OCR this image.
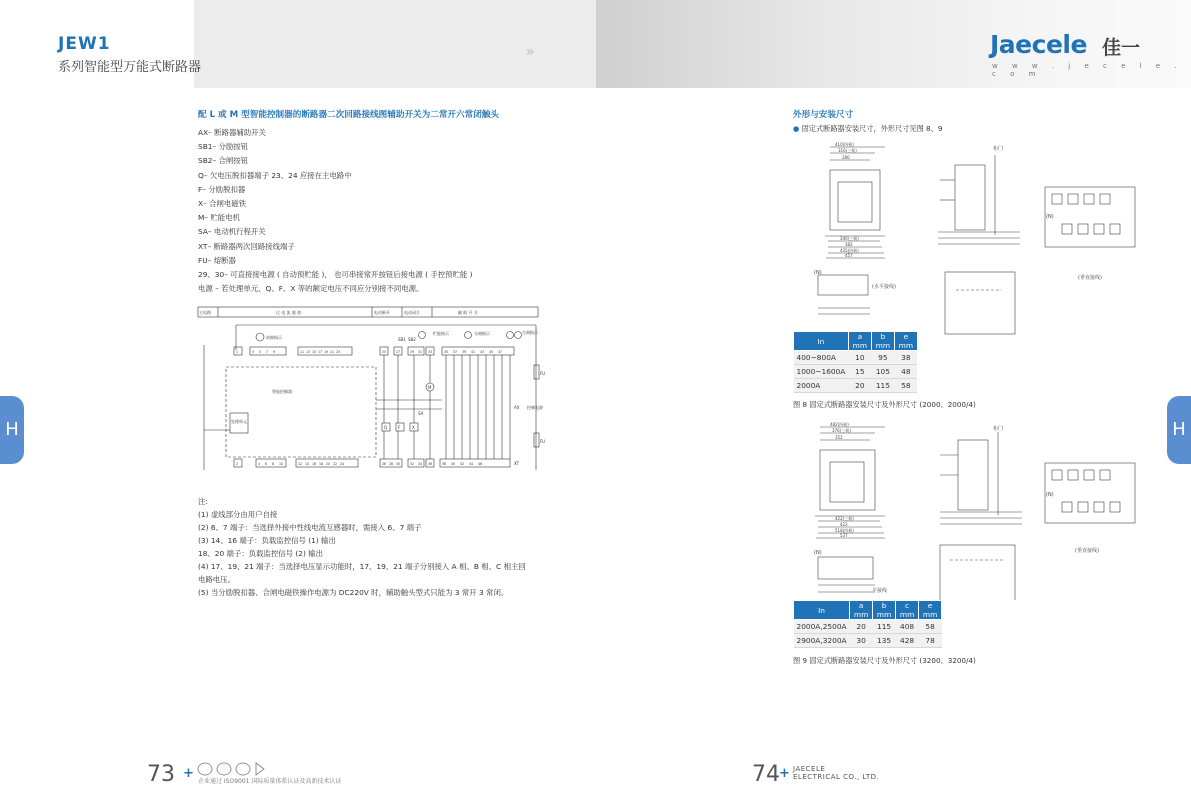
JEW1
系列智能型万能式断路器
»	Jaecele 佳一
w w w . j e c e l e . c o m
H	H
配 L 或 M 型智能控制器的断路器二次回路接线图辅助开关为二常开六常闭触头
AX– 断路器辅助开关
SB1– 分励按钮
SB2– 合闸按钮
Q– 欠电压脱扣器端子 23、24 应接在主电路中
F– 分励脱扣器
X– 合闸电磁铁
M– 贮能电机
SA– 电动机行程开关
XT– 断路器两次回路接线端子
FU– 熔断器
29、30– 可直接接电源 ( 自动预贮能 )， 也可串接常开按钮后接电源 ( 手控预贮能 )
电源 – 若处理单元、Q、F、X 等的额定电压不同应分别接不同电源。
主电路	过 电 流 脱 扣	电动断开	电动闭合	辅 助 开 关
故障指示
智能控制器
处理单元
贮能指示	分闸指示	合闸指示
控制电源
FU
FU
AX
XT
SA
M
SB1 SB2
Q	F	X
1	3 5 7 9	11 13 15 17 19 21 23	25	27	29 31 33	35 37 39 41 43 45 47
2	4 6 8 10	12 14 16 18 20 22 24	26 28 30	32 34 36	38 40 42 44 46
注:
(1) 虚线部分由用户自接
(2) 6、7 端子：当选择外接中性线电流互感器时，需接入 6、7 端子
(3) 14、16 端子：负载监控信号 (1) 输出
18、20 端子：负载监控信号 (2) 输出
(4) 17、19、21 端子：当选择电压显示功能时，17、19、21 端子分别接入 A 相、B 相、C 相主回
电路电压。
(5) 当分励脱扣器、合闸电磁铁操作电源为 DC220V 时，辅助触头型式只能为 3 常开 3 常闭。
外形与安装尺寸
● 固定式断路器安装尺寸，外形尺寸见图 8、9
410(四极)
316(三极)
280
340(三极)
382
435(四极)
457
柜门
(水平接线)
(垂直接线)
(N)
(N)
In	a mm	b mm	e mm
400~800A	10	95	38
1000~1600A	15	105	48
2000A	20	115	58
图 8 固定式断路器安装尺寸及外形尺寸 (2000、2000/4)
482(四极)
376(三极)
352
422(三极)
422
518(四极)
537
柜门
平接线
(垂直接线)
(N)
(N)
In	a mm	b mm	c mm	e mm
2000A,2500A	20	115	408	58
2900A,3200A	30	135	428	78
图 9 固定式断路器安装尺寸及外形尺寸 (3200、3200/4)
73 +
企业通过 ISO9001 国际质量体系认证及高新技术认证	74 + JAECELE
ELECTRICAL CO., LTD.
